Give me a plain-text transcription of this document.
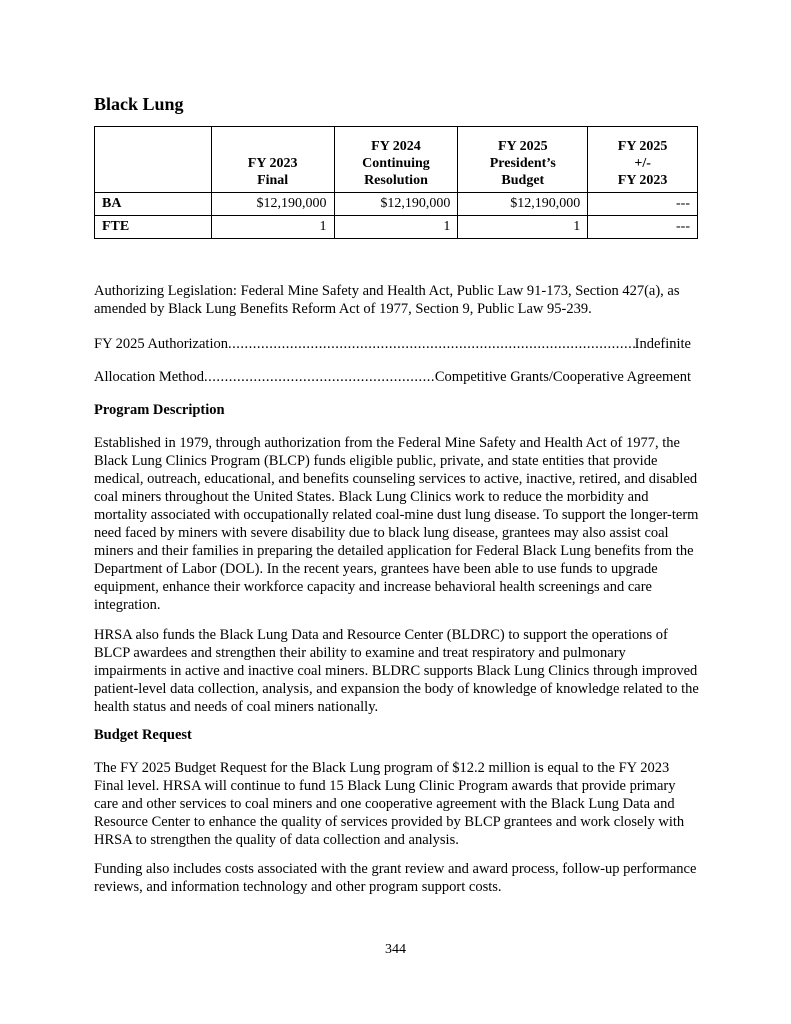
Black Lung
	FY 2023
Final	FY 2024
Continuing
Resolution	FY 2025
President’s
Budget	FY 2025
+/-
FY 2023
BA	$12,190,000	$12,190,000	$12,190,000	---
FTE	1	1	1	---
Authorizing Legislation: Federal Mine Safety and Health Act, Public Law 91-173, Section 427(a), as amended by Black Lung Benefits Reform Act of 1977, Section 9, Public Law 95-239.
FY 2025 Authorization .....	Indefinite
Allocation Method .....	Competitive Grants/Cooperative Agreement
Program Description
Established in 1979, through authorization from the Federal Mine Safety and Health Act of 1977, the Black Lung Clinics Program (BLCP) funds eligible public, private, and state entities that provide medical, outreach, educational, and benefits counseling services to active, inactive, retired, and disabled coal miners throughout the United States. Black Lung Clinics work to reduce the morbidity and mortality associated with occupationally related coal-mine dust lung disease. To support the longer-term need faced by miners with severe disability due to black lung disease, grantees may also assist coal miners and their families in preparing the detailed application for Federal Black Lung benefits from the Department of Labor (DOL). In the recent years, grantees have been able to use funds to upgrade equipment, enhance their workforce capacity and increase behavioral health screenings and care integration.
HRSA also funds the Black Lung Data and Resource Center (BLDRC) to support the operations of BLCP awardees and strengthen their ability to examine and treat respiratory and pulmonary impairments in active and inactive coal miners. BLDRC supports Black Lung Clinics through improved patient-level data collection, analysis, and expansion the body of knowledge of knowledge related to the health status and needs of coal miners nationally.
Budget Request
The FY 2025 Budget Request for the Black Lung program of $12.2 million is equal to the FY 2023 Final level. HRSA will continue to fund 15 Black Lung Clinic Program awards that provide primary care and other services to coal miners and one cooperative agreement with the Black Lung Data and Resource Center to enhance the quality of services provided by BLCP grantees and work closely with HRSA to strengthen the quality of data collection and analysis.
Funding also includes costs associated with the grant review and award process, follow-up performance reviews, and information technology and other program support costs.
344
